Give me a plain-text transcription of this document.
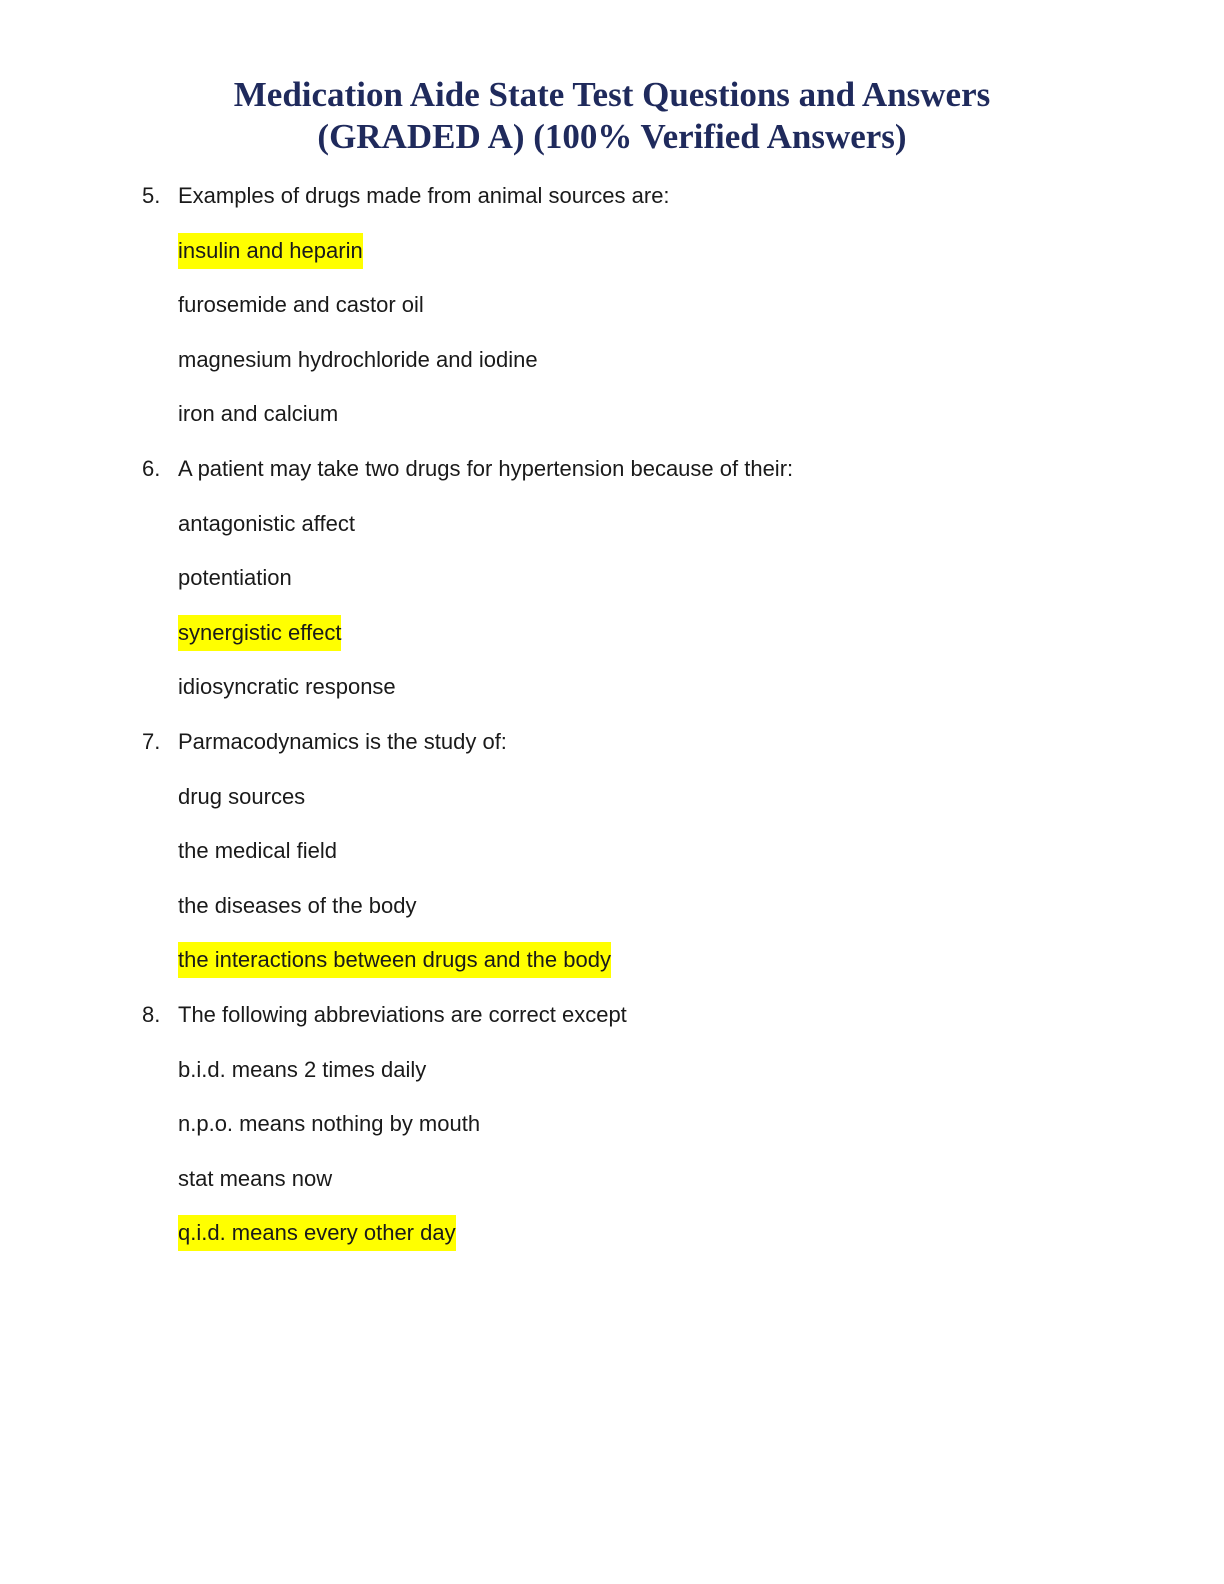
Medication Aide State Test Questions and Answers
(GRADED A) (100% Verified Answers)
5. Examples of drugs made from animal sources are:
insulin and heparin
furosemide and castor oil
magnesium hydrochloride and iodine
iron and calcium
6. A patient may take two drugs for hypertension because of their:
antagonistic affect
potentiation
synergistic effect
idiosyncratic response
7. Parmacodynamics is the study of:
drug sources
the medical field
the diseases of the body
the interactions between drugs and the body
8. The following abbreviations are correct except
b.i.d. means 2 times daily
n.p.o. means nothing by mouth
stat means now
q.i.d. means every other day
